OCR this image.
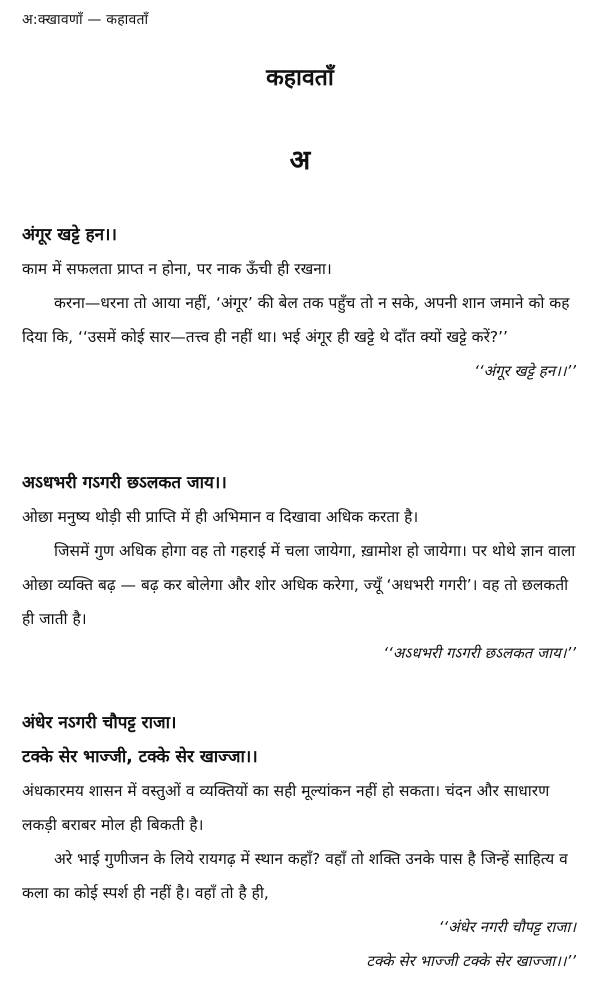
अ:क्खावणाँ — कहावताँ
कहावताँ
अ
अंगूर खट्टे हन।।

काम में सफलता प्राप्त न होना, पर नाक ऊँची ही रखना।

करना—धरना तो आया नहीं, ‘अंगूर’ की बेल तक पहुँच तो न सके, अपनी शान जमाने को कह दिया कि, ‘‘उसमें कोई सार—तत्त्व ही नहीं था। भई अंगूर ही खट्टे थे दाँत क्यों खट्टे करें?’’

‘‘अंगूर खट्टे हन।।’’
अऽधभरी गऽगरी छऽलकत जाय।।

ओछा मनुष्य थोड़ी सी प्राप्ति में ही अभिमान व दिखावा अधिक करता है।

जिसमें गुण अधिक होगा वह तो गहराई में चला जायेगा, ख़ामोश हो जायेगा। पर थोथे ज्ञान वाला ओछा व्यक्ति बढ़ — बढ़ कर बोलेगा और शोर अधिक करेगा, ज्यूँ ‘अधभरी गगरी’। वह तो छलकती ही जाती है।

‘‘अऽधभरी गऽगरी छऽलकत जाय।’’
अंधेर नऽगरी चौपट्ट राजा।
टक्के सेर भाज्जी, टक्के सेर खाज्जा।।

अंधकारमय शासन में वस्तुओं व व्यक्तियों का सही मूल्यांकन नहीं हो सकता। चंदन और साधारण लकड़ी बराबर मोल ही बिकती है।

अरे भाई गुणीजन के लिये रायगढ़ में स्थान कहाँ? वहाँ तो शक्ति उनके पास है जिन्हें साहित्य व कला का कोई स्पर्श ही नहीं है। वहाँ तो है ही,

‘‘अंधेर नगरी चौपट्ट राजा।
टक्के सेर भाज्जी टक्के सेर खाज्जा।।’’
